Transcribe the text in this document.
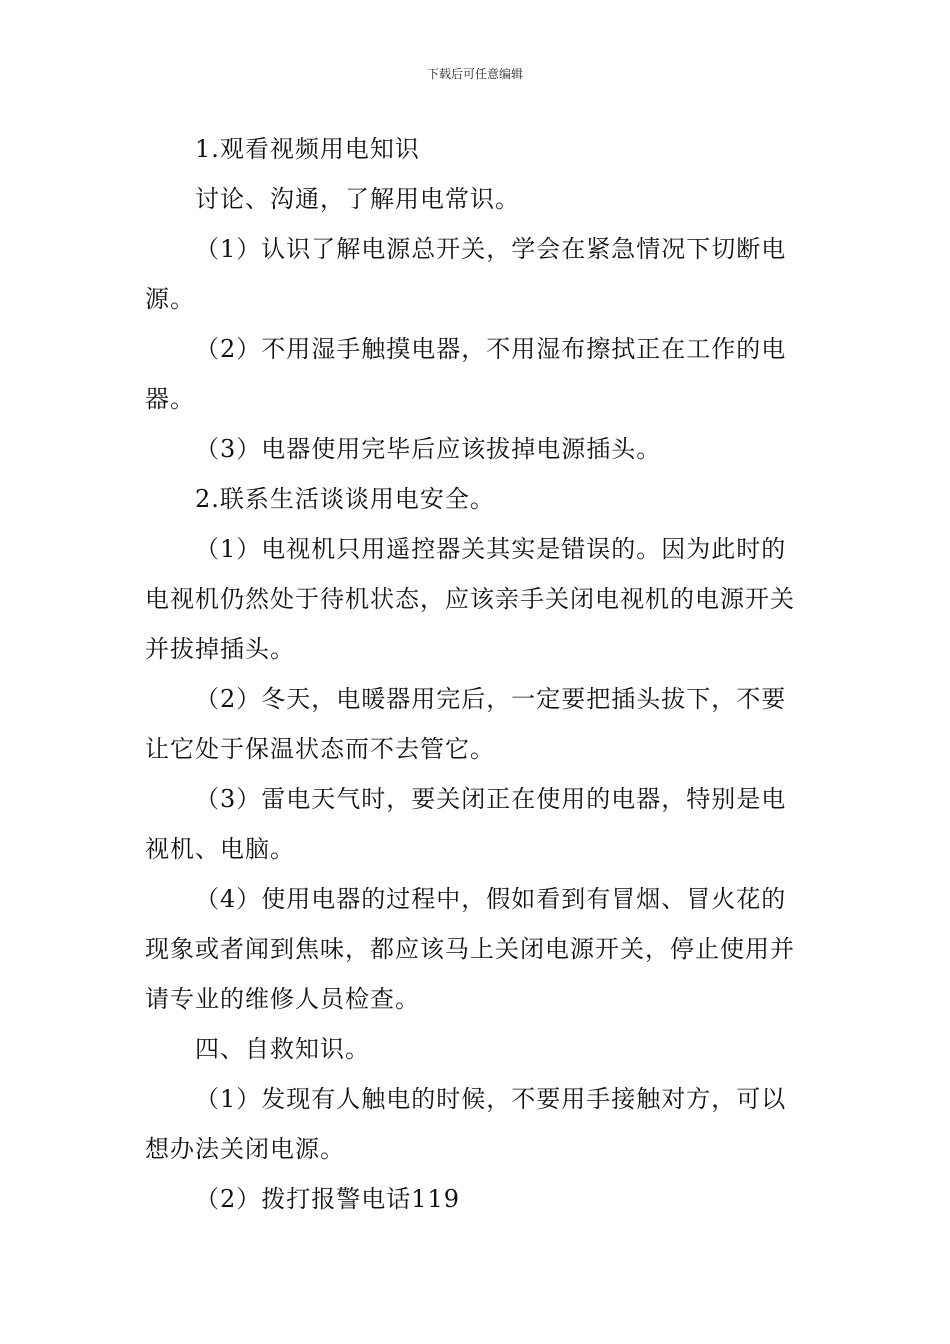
下载后可任意编辑

1.观看视频用电知识

讨论、沟通，了解用电常识。

（1）认识了解电源总开关，学会在紧急情况下切断电源。

（2）不用湿手触摸电器，不用湿布擦拭正在工作的电器。

（3）电器使用完毕后应该拔掉电源插头。

2.联系生活谈谈用电安全。

（1）电视机只用遥控器关其实是错误的。因为此时的电视机仍然处于待机状态，应该亲手关闭电视机的电源开关并拔掉插头。

（2）冬天，电暖器用完后，一定要把插头拔下，不要让它处于保温状态而不去管它。

（3）雷电天气时，要关闭正在使用的电器，特别是电视机、电脑。

（4）使用电器的过程中，假如看到有冒烟、冒火花的现象或者闻到焦味，都应该马上关闭电源开关，停止使用并请专业的维修人员检查。

四、自救知识。

（1）发现有人触电的时候，不要用手接触对方，可以想办法关闭电源。

（2）拨打报警电话119
